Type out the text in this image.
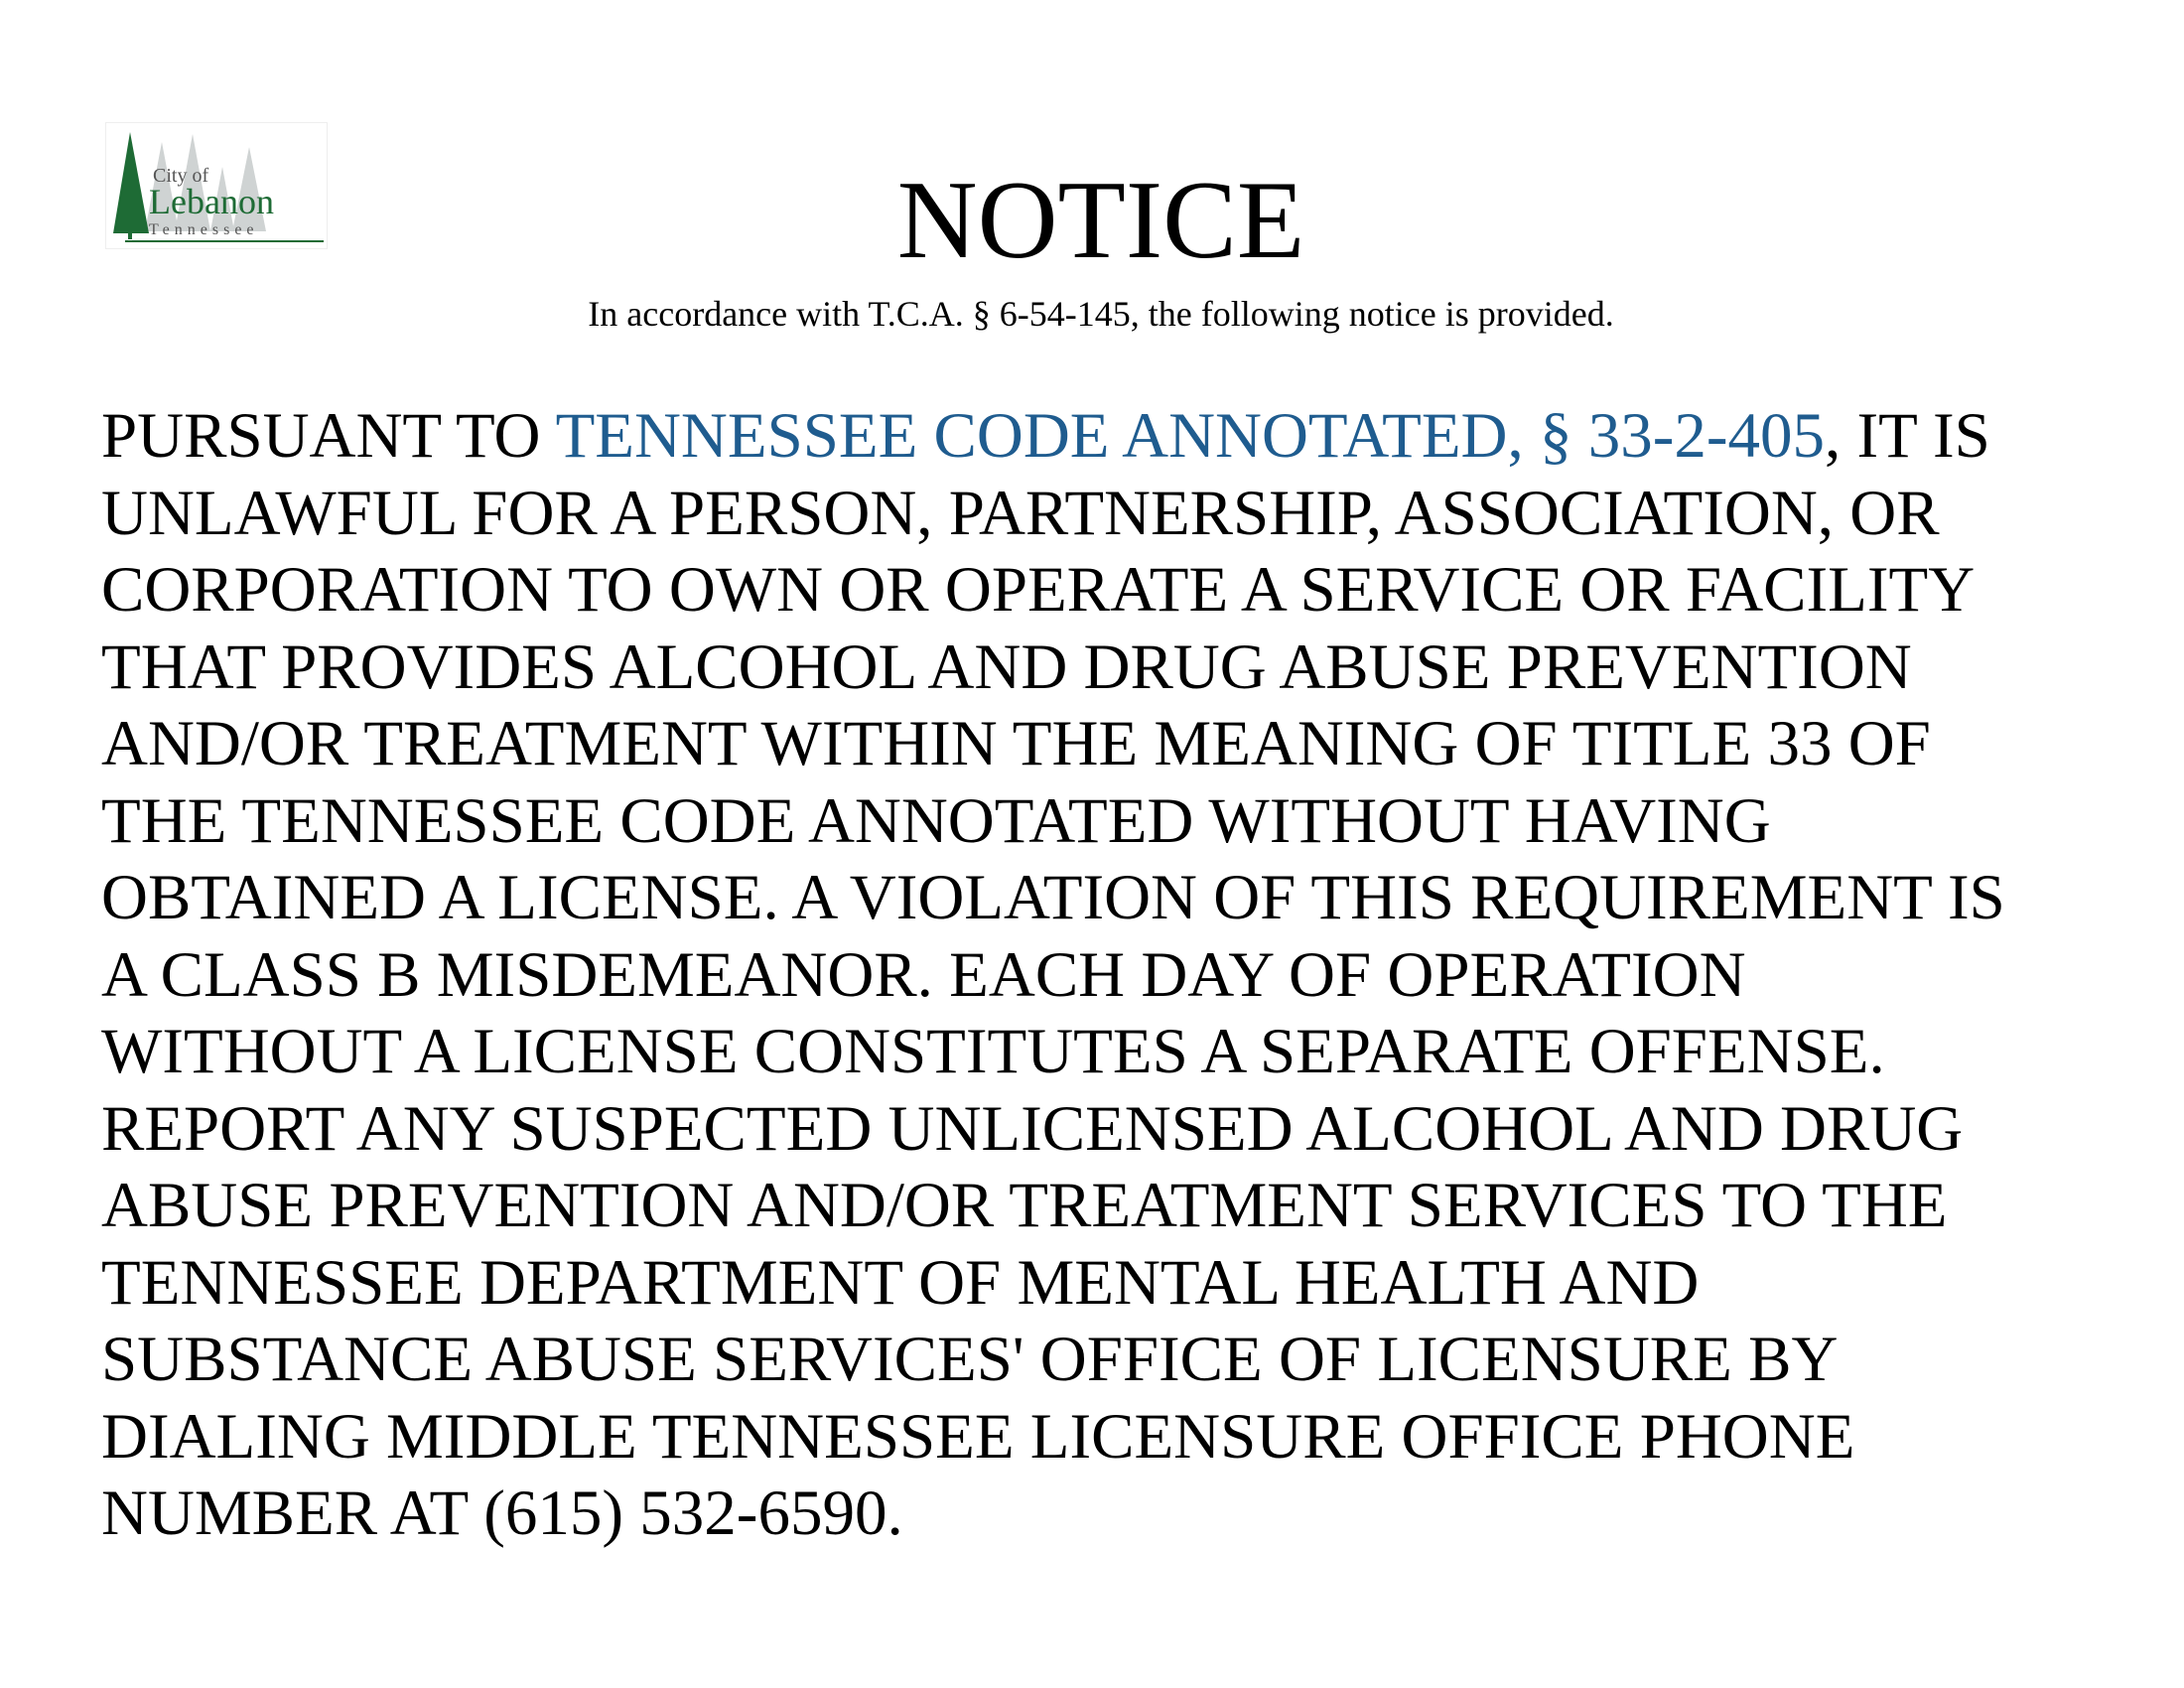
City of
Lebanon
Tennessee	NOTICE
In accordance with T.C.A. § 6-54-145, the following notice is provided.
PURSUANT TO TENNESSEE CODE ANNOTATED, § 33-2-405, IT IS
UNLAWFUL FOR A PERSON, PARTNERSHIP, ASSOCIATION, OR
CORPORATION TO OWN OR OPERATE A SERVICE OR FACILITY
THAT PROVIDES ALCOHOL AND DRUG ABUSE PREVENTION
AND/OR TREATMENT WITHIN THE MEANING OF TITLE 33 OF
THE TENNESSEE CODE ANNOTATED WITHOUT HAVING
OBTAINED A LICENSE. A VIOLATION OF THIS REQUIREMENT IS
A CLASS B MISDEMEANOR. EACH DAY OF OPERATION
WITHOUT A LICENSE CONSTITUTES A SEPARATE OFFENSE.
REPORT ANY SUSPECTED UNLICENSED ALCOHOL AND DRUG
ABUSE PREVENTION AND/OR TREATMENT SERVICES TO THE
TENNESSEE DEPARTMENT OF MENTAL HEALTH AND
SUBSTANCE ABUSE SERVICES' OFFICE OF LICENSURE BY
DIALING MIDDLE TENNESSEE LICENSURE OFFICE PHONE
NUMBER AT (615) 532-6590.
